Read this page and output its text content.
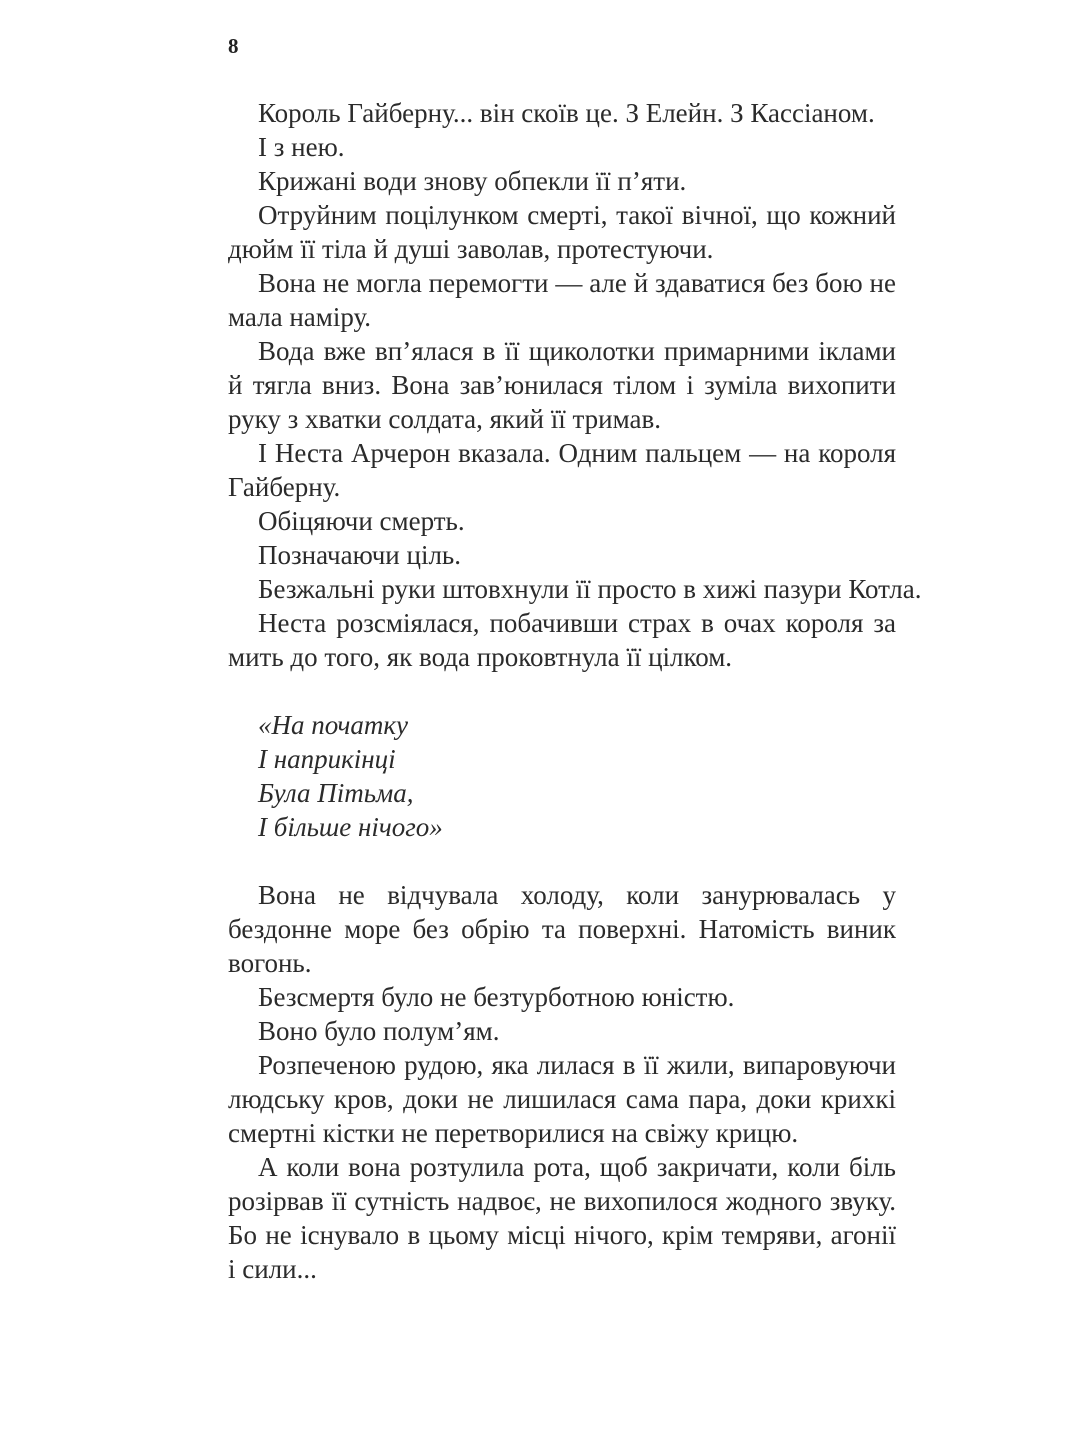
8

Король Гайберну... він скоїв це. З Елейн. З Кассіаном.

І з нею.

Крижані води знову обпекли її п’яти.

Отруйним поцілунком смерті, такої вічної, що кожний дюйм її тіла й душі заволав, протестуючи.

Вона не могла перемогти — але й здаватися без бою не мала наміру.

Вода вже вп’ялася в її щиколотки примарними іклами й тягла вниз. Вона зав’юнилася тілом і зуміла вихопити руку з хватки солдата, який її тримав.

І Неста Арчерон вказала. Одним пальцем — на короля Гайберну.

Обіцяючи смерть.

Позначаючи ціль.

Безжальні руки штовхнули її просто в хижі пазури Котла.

Неста розсміялася, побачивши страх в очах короля за мить до того, як вода проковтнула її цілком.

«На початку
І наприкінці
Була Пітьма,
І більше нічого»

Вона не відчувала холоду, коли занурювалась у бездонне море без обрію та поверхні. Натомість виник вогонь.

Безсмертя було не безтурботною юністю.

Воно було полум’ям.

Розпеченою рудою, яка лилася в її жили, випаровуючи людську кров, доки не лишилася сама пара, доки крихкі смертні кістки не перетворилися на свіжу крицю.

А коли вона розтулила рота, щоб закричати, коли біль розірвав її сутність надвоє, не вихопилося жодного звуку. Бо не існувало в цьому місці нічого, крім темряви, агонії і сили...
